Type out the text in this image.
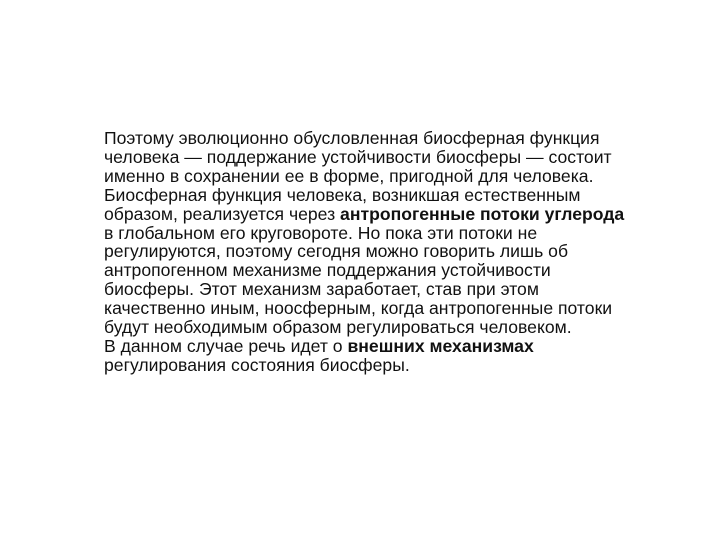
Поэтому эволюционно обусловленная биосферная функция
человека — поддержание устойчивости биосферы — состоит
именно в сохранении ее в форме, пригодной для человека.

Биосферная функция человека, возникшая естественным
образом, реализуется через антропогенные потоки углерода
в глобальном его круговороте. Но пока эти потоки не
регулируются, поэтому сегодня можно говорить лишь об
антропогенном механизме поддержания устойчивости
биосферы. Этот механизм заработает, став при этом
качественно иным, ноосферным, когда антропогенные потоки
будут необходимым образом регулироваться человеком.

В данном случае речь идет о внешних механизмах
регулирования состояния биосферы.
